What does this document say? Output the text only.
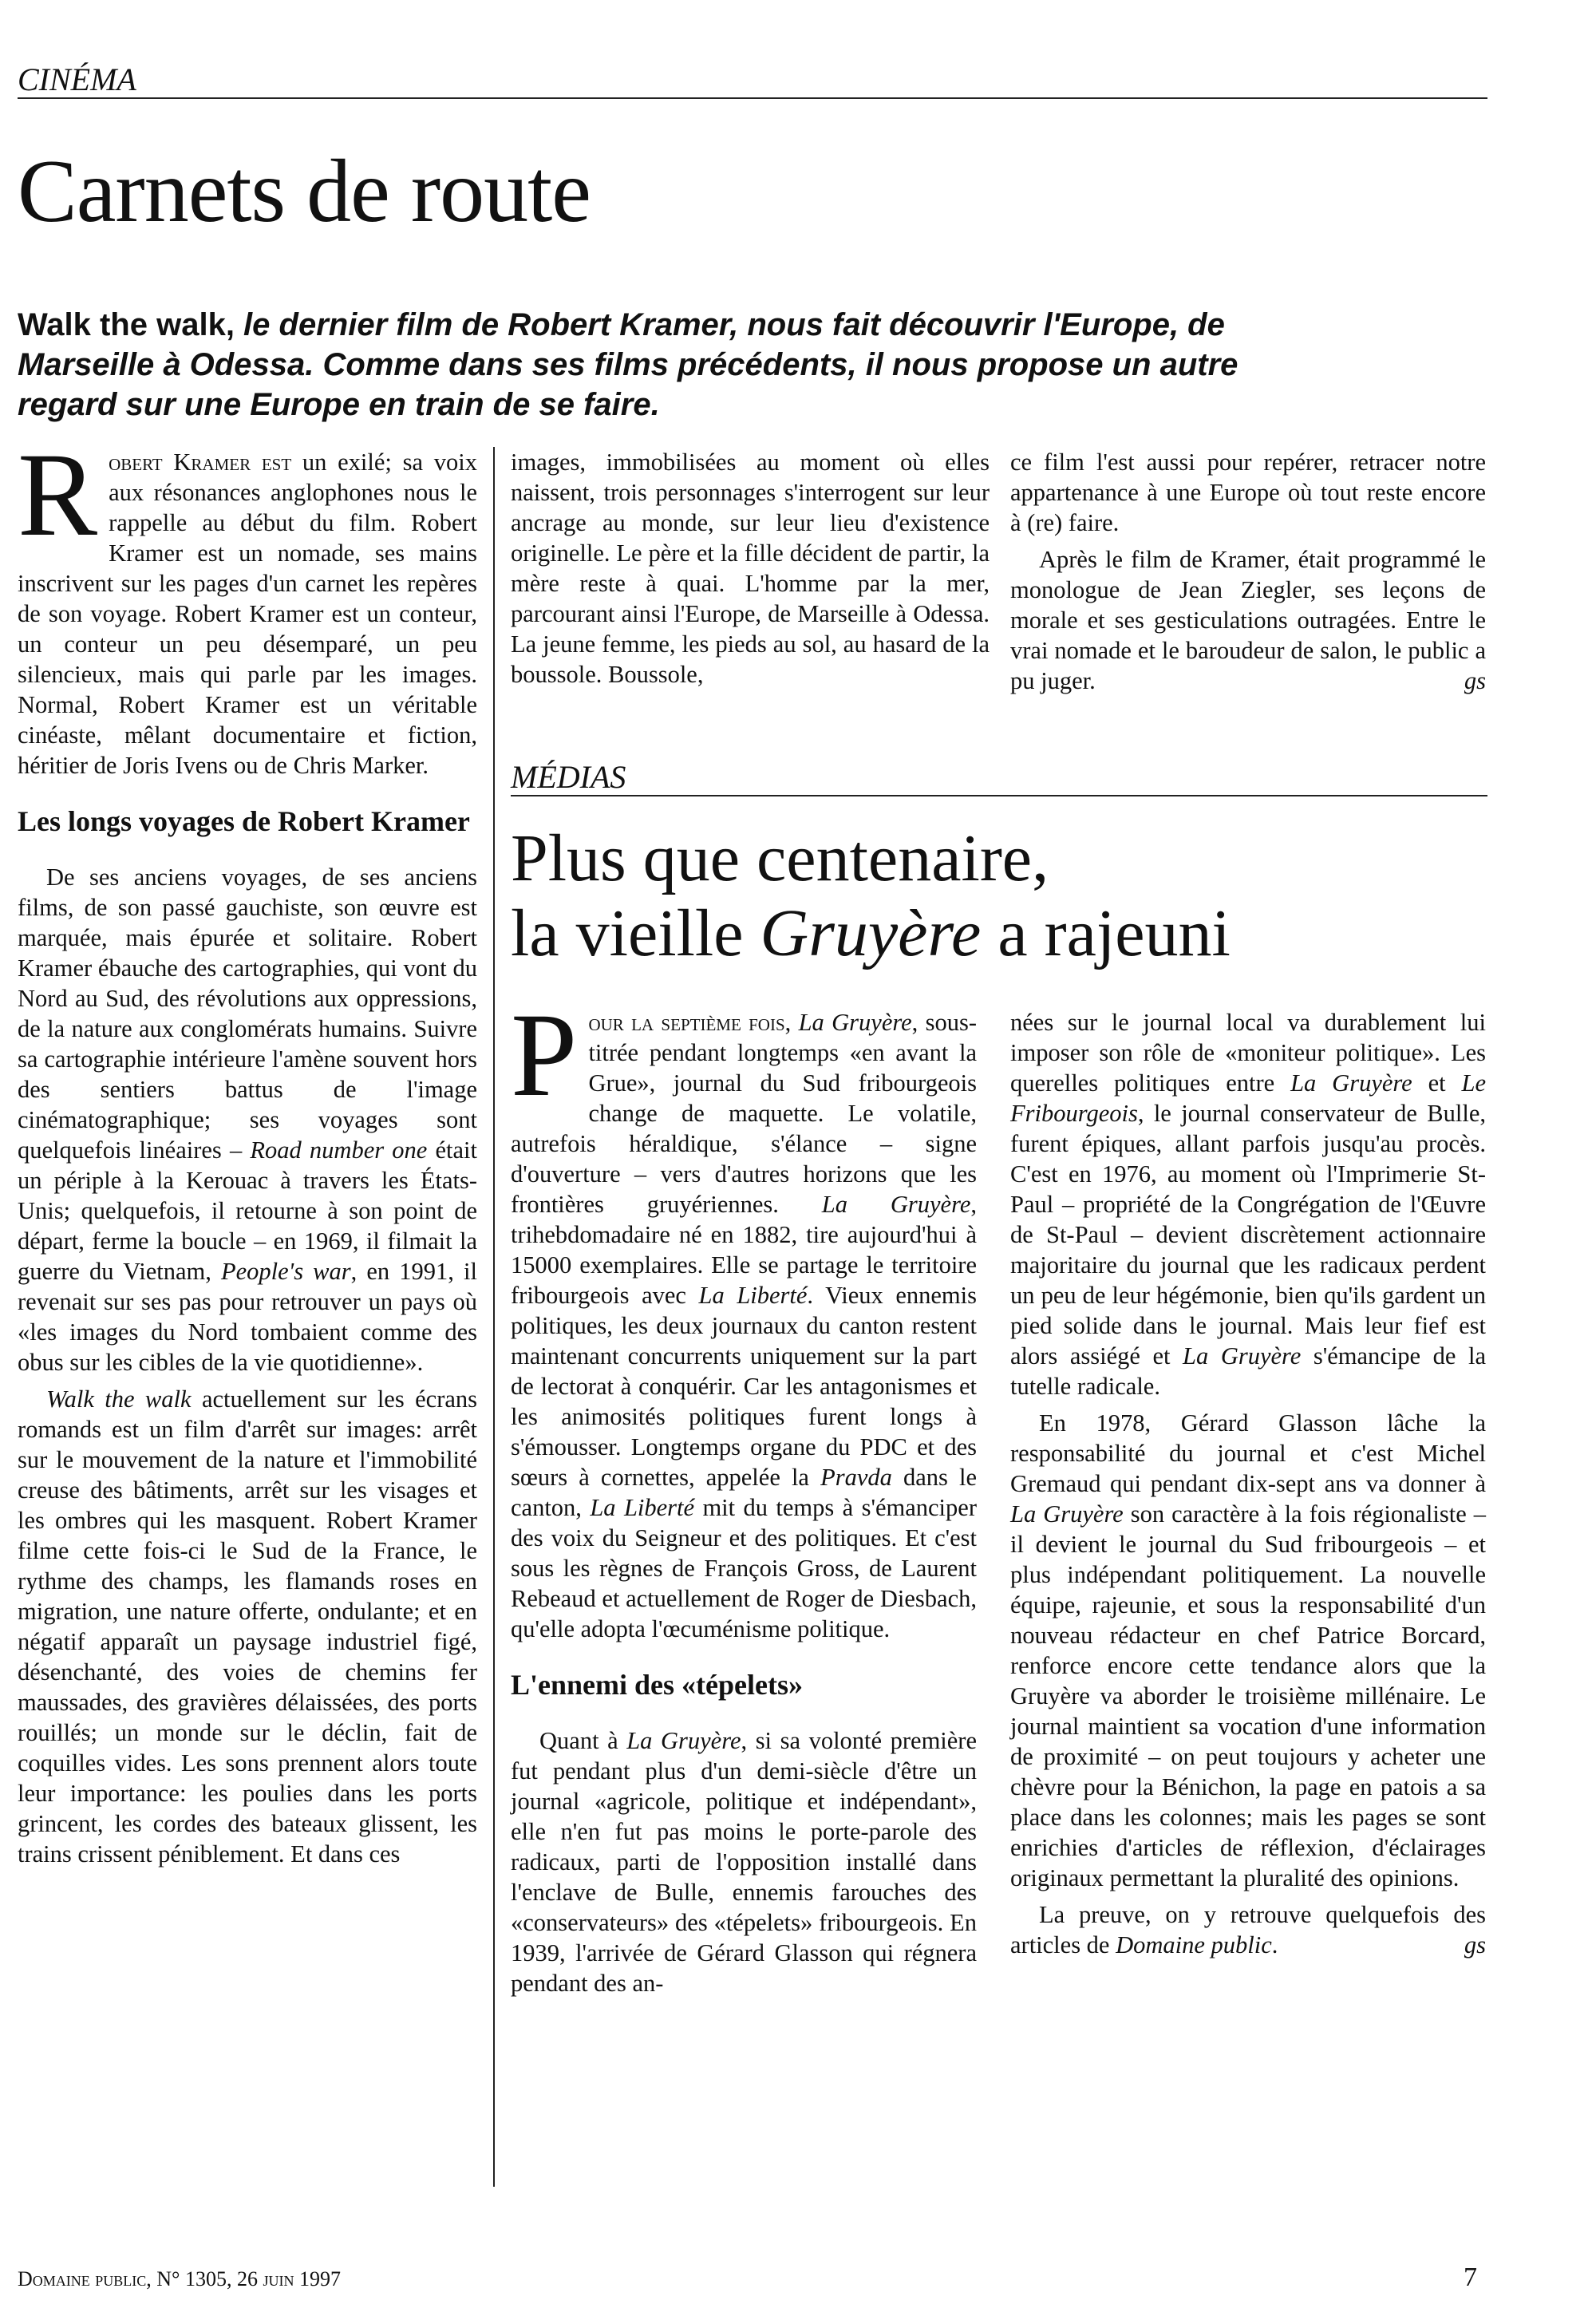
CINÉMA
Carnets de route
Walk the walk, le dernier film de Robert Kramer, nous fait découvrir l'Europe, de Marseille à Odessa. Comme dans ses films précédents, il nous propose un autre regard sur une Europe en train de se faire.

Robert Kramer est un exilé; sa voix aux résonances anglophones nous le rappelle au début du film. Robert Kramer est un nomade, ses mains inscrivent sur les pages d'un carnet les repères de son voyage. Robert Kramer est un conteur, un conteur un peu désemparé, un peu silencieux, mais qui parle par les images. Normal, Robert Kramer est un véritable cinéaste, mêlant documentaire et fiction, héritier de Joris Ivens ou de Chris Marker.

Les longs voyages de Robert Kramer

De ses anciens voyages, de ses anciens films, de son passé gauchiste, son œuvre est marquée, mais épurée et solitaire. Robert Kramer ébauche des cartographies, qui vont du Nord au Sud, des révolutions aux oppressions, de la nature aux conglomérats humains. Suivre sa cartographie intérieure l'amène souvent hors des sentiers battus de l'image cinématographique; ses voyages sont quelquefois linéaires – Road number one était un périple à la Kerouac à travers les États-Unis; quelquefois, il retourne à son point de départ, ferme la boucle – en 1969, il filmait la guerre du Vietnam, People's war, en 1991, il revenait sur ses pas pour retrouver un pays où «les images du Nord tombaient comme des obus sur les cibles de la vie quotidienne».

Walk the walk actuellement sur les écrans romands est un film d'arrêt sur images: arrêt sur le mouvement de la nature et l'immobilité creuse des bâtiments, arrêt sur les visages et les ombres qui les masquent. Robert Kramer filme cette fois-ci le Sud de la France, le rythme des champs, les flamands roses en migration, une nature offerte, ondulante; et en négatif apparaît un paysage industriel figé, désenchanté, des voies de chemins fer maussades, des gravières délaissées, des ports rouillés; un monde sur le déclin, fait de coquilles vides. Les sons prennent alors toute leur importance: les poulies dans les ports grincent, les cordes des bateaux glissent, les trains crissent péniblement. Et dans ces

images, immobilisées au moment où elles naissent, trois personnages s'interrogent sur leur ancrage au monde, sur leur lieu d'existence originelle. Le père et la fille décident de partir, la mère reste à quai. L'homme par la mer, parcourant ainsi l'Europe, de Marseille à Odessa. La jeune femme, les pieds au sol, au hasard de la boussole. Boussole,

ce film l'est aussi pour repérer, retracer notre appartenance à une Europe où tout reste encore à (re) faire.

Après le film de Kramer, était programmé le monologue de Jean Ziegler, ses leçons de morale et ses gesticulations outragées. Entre le vrai nomade et le baroudeur de salon, le public a pu juger.	gs

MÉDIAS
Plus que centenaire,
la vieille Gruyère a rajeuni

Pour la septième fois, La Gruyère, sous-titrée pendant longtemps «en avant la Grue», journal du Sud fribourgeois change de maquette. Le volatile, autrefois héraldique, s'élance – signe d'ouverture – vers d'autres horizons que les frontières gruyériennes. La Gruyère, trihebdomadaire né en 1882, tire aujourd'hui à 15000 exemplaires. Elle se partage le territoire fribourgeois avec La Liberté. Vieux ennemis politiques, les deux journaux du canton restent maintenant concurrents uniquement sur la part de lectorat à conquérir. Car les antagonismes et les animosités politiques furent longs à s'émousser. Longtemps organe du PDC et des sœurs à cornettes, appelée la Pravda dans le canton, La Liberté mit du temps à s'émanciper des voix du Seigneur et des politiques. Et c'est sous les règnes de François Gross, de Laurent Rebeaud et actuellement de Roger de Diesbach, qu'elle adopta l'œcuménisme politique.

L'ennemi des «tépelets»

Quant à La Gruyère, si sa volonté première fut pendant plus d'un demi-siècle d'être un journal «agricole, politique et indépendant», elle n'en fut pas moins le porte-parole des radicaux, parti de l'opposition installé dans l'enclave de Bulle, ennemis farouches des «conservateurs» des «tépelets» fribourgeois. En 1939, l'arrivée de Gérard Glasson qui régnera pendant des an-

nées sur le journal local va durablement lui imposer son rôle de «moniteur politique». Les querelles politiques entre La Gruyère et Le Fribourgeois, le journal conservateur de Bulle, furent épiques, allant parfois jusqu'au procès. C'est en 1976, au moment où l'Imprimerie St-Paul – propriété de la Congrégation de l'Œuvre de St-Paul – devient discrètement actionnaire majoritaire du journal que les radicaux perdent un peu de leur hégémonie, bien qu'ils gardent un pied solide dans le journal. Mais leur fief est alors assiégé et La Gruyère s'émancipe de la tutelle radicale.

En 1978, Gérard Glasson lâche la responsabilité du journal et c'est Michel Gremaud qui pendant dix-sept ans va donner à La Gruyère son caractère à la fois régionaliste – il devient le journal du Sud fribourgeois – et plus indépendant politiquement. La nouvelle équipe, rajeunie, et sous la responsabilité d'un nouveau rédacteur en chef Patrice Borcard, renforce encore cette tendance alors que la Gruyère va aborder le troisième millénaire. Le journal maintient sa vocation d'une information de proximité – on peut toujours y acheter une chèvre pour la Bénichon, la page en patois a sa place dans les colonnes; mais les pages se sont enrichies d'articles de réflexion, d'éclairages originaux permettant la pluralité des opinions.

La preuve, on y retrouve quelquefois des articles de Domaine public.	gs

Domaine public, N° 1305, 26 juin 1997	7
